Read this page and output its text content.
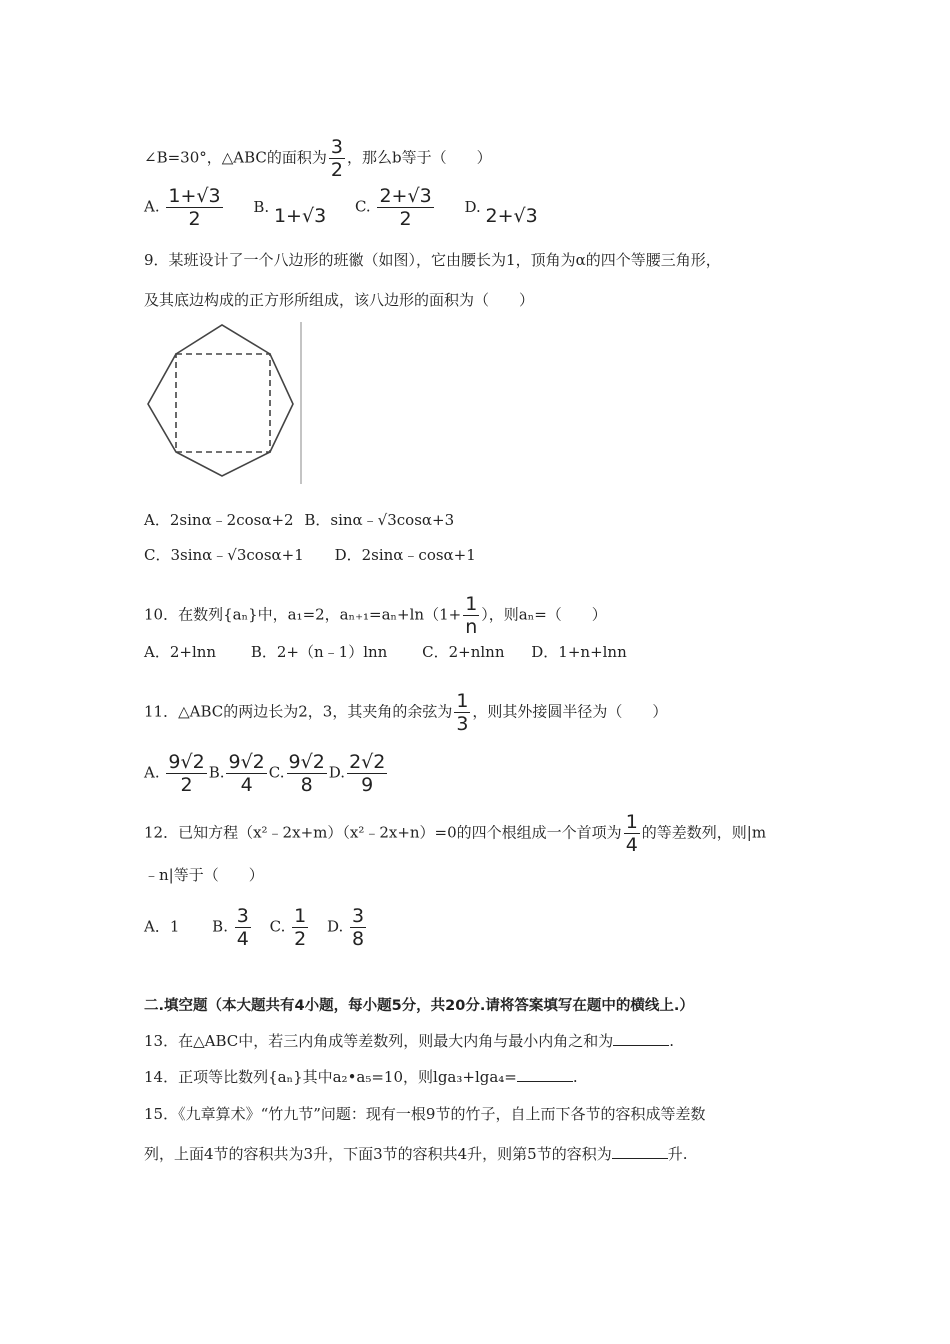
∠B=30°，△ABC的面积为 $\frac{3}{2}$ ，那么b等于（　　）
A. $\frac{1+√3}{2} B$. 1+√3 C. $\frac{2+√3}{2} D$. 2+√3
9．某班设计了一个八边形的班徽（如图），它由腰长为1，顶角为α的四个等腰三角形，
及其底边构成的正方形所组成，该八边形的面积为（　　）
A．2sinα﹣2cosα+2 B．sinα﹣√3cosα+3
C．3sinα﹣√3cosα+1 D．2sinα﹣cosα+1
10．在数列{aₙ}中，a₁=2，$a_{n+1}=a_n+\ln(1+ \frac{1}{n}$ ），则aₙ=（　　）
A．2+lnn B．2+（n﹣1）lnn C．2+nlnn D．1+n+lnn
11．△ABC的两边长为2，3，其夹角的余弦为 $\frac{1}{3}$ ，则其外接圆半径为（　　）
A. $\frac{9√2}{2} B$. $\frac{9√2}{4} C$. $\frac{9√2}{8} D$. $\frac{2√2}{9}$
12．已知方程（x²﹣2x+m）（x²﹣2x+n）=0的四个根组成一个首项为 $\frac{1}{4}$ 的等差数列，则|m
﹣n|等于（　　）
A．1 B. $\frac{3}{4} C$. $\frac{1}{2} D$. $\frac{3}{8}$
二.填空题（本大题共有4小题，每小题5分，共20分.请将答案填写在题中的横线上.）
13．在△ABC中，若三内角成等差数列，则最大内角与最小内角之和为	.
14．正项等比数列{aₙ}其中a₂•a₅=10，则lga₃+lga₄=	.
15．《九章算术》“竹九节”问题：现有一根9节的竹子，自上而下各节的容积成等差数
列，上面4节的容积共为3升，下面3节的容积共4升，则第5节的容积为	升.
